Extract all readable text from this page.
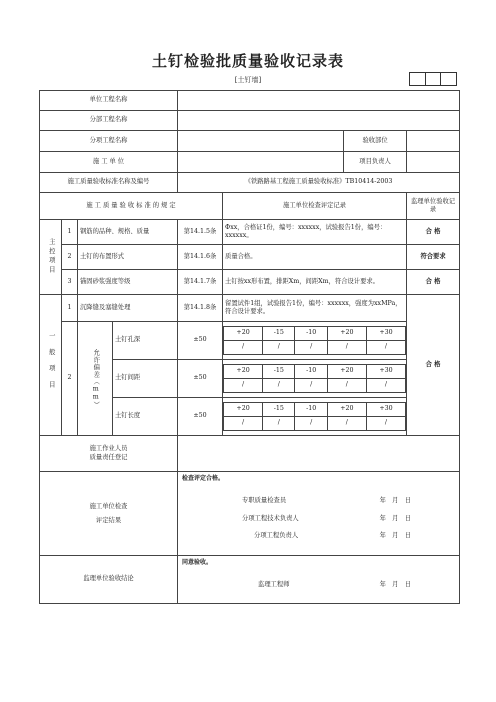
土钉检验批质量验收记录表
[土钉墙]
单位工程名称	
分部工程名称	
分项工程名称	验收部位

施 工 单 位	项目负责人

施工质量验收标准名称及编号	《铁路路基工程施工质量验收标准》TB10414-2003
施 工 质 量 验 收 标 准 的 规 定	施工单位检查评定记录	监理单位验收记录

主控项目
	1	钢筋的品种、规格、质量	第14.1.5条	Φxx，合格证1份，编号：xxxxxx，试验报告1份，编号：xxxxxx。	合 格
2	土钉的布置形式	第14.1.6条	质量合格。	符合要求
3	锚固砂浆强度等级	第14.1.7条	土钉按xx形布置，排距Xm，间距Xm，符合设计要求。	合 格

一般项目
	1	沉降缝及塞缝处理	第14.1.8条	留置试件1组，试验报告1份，编号：xxxxxx，强度为xxMPa，符合设计要求。	合 格
2	允许偏差（mm）
	土钉孔深	±50	
+20	-15	-10	+20	+30
/	/	/	/	/

土钉间距	±50	
+20	-15	-10	+20	+30
/	/	/	/	/

土钉长度	±50	
+20	-15	-10	+20	+30
/	/	/	/	/

施工作业人员
质量责任登记	
施工单位检查
评定结果	
检查评定合格。
专职质量检查员	年　月　日
分项工程技术负责人	年　月　日
分项工程负责人	年　月　日

监理单位验收结论	
同意验收。
监理工程师	年　月　日
